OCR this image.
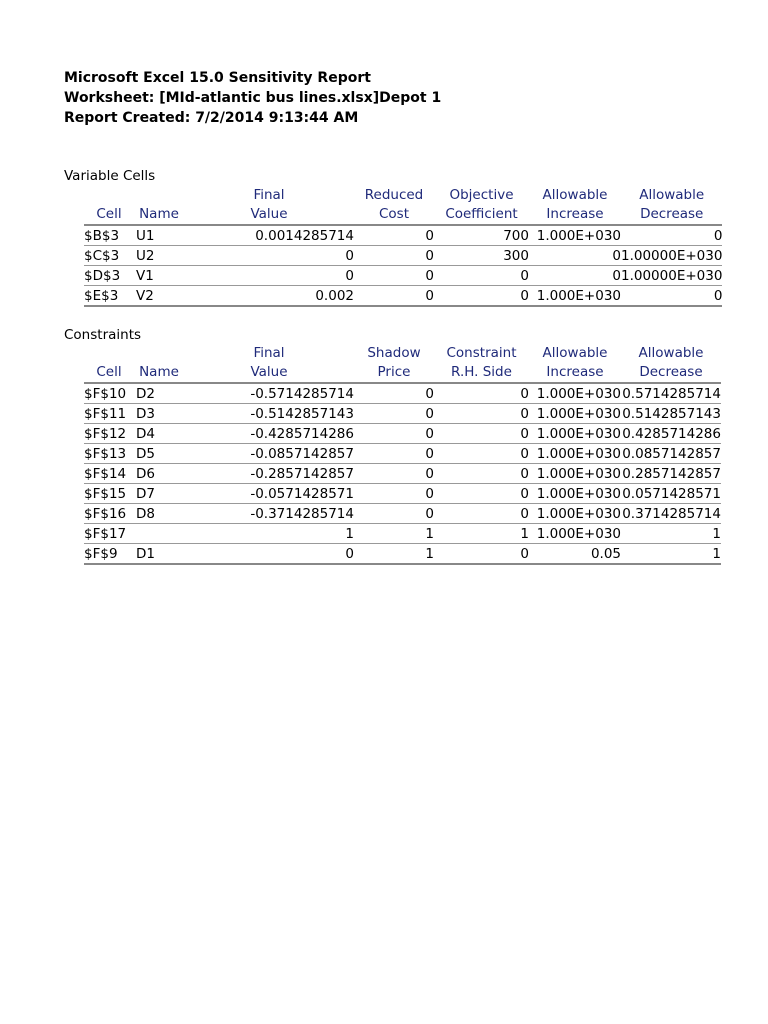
Microsoft Excel 15.0 Sensitivity Report
Worksheet: [MId-atlantic bus lines.xlsx]Depot 1
Report Created: 7/2/2014 9:13:44 AM
Variable Cells
		Final	Reduced	Objective	Allowable	Allowable
Cell	Name	Value	Cost	Coefficient	Increase	Decrease
$B$3	U1	0.0014285714	0	700	1.000E+030	0
$C$3	U2	0	0	300	0	1.00000E+030
$D$3	V1	0	0	0	0	1.00000E+030
$E$3	V2	0.002	0	0	1.000E+030	0
Constraints
		Final	Shadow	Constraint	Allowable	Allowable
Cell	Name	Value	Price	R.H. Side	Increase	Decrease
$F$10	D2	-0.5714285714	0	0	1.000E+030	0.5714285714
$F$11	D3	-0.5142857143	0	0	1.000E+030	0.5142857143
$F$12	D4	-0.4285714286	0	0	1.000E+030	0.4285714286
$F$13	D5	-0.0857142857	0	0	1.000E+030	0.0857142857
$F$14	D6	-0.2857142857	0	0	1.000E+030	0.2857142857
$F$15	D7	-0.0571428571	0	0	1.000E+030	0.0571428571
$F$16	D8	-0.3714285714	0	0	1.000E+030	0.3714285714
$F$17		1	1	1	1.000E+030	1
$F$9	D1	0	1	0	0.05	1
